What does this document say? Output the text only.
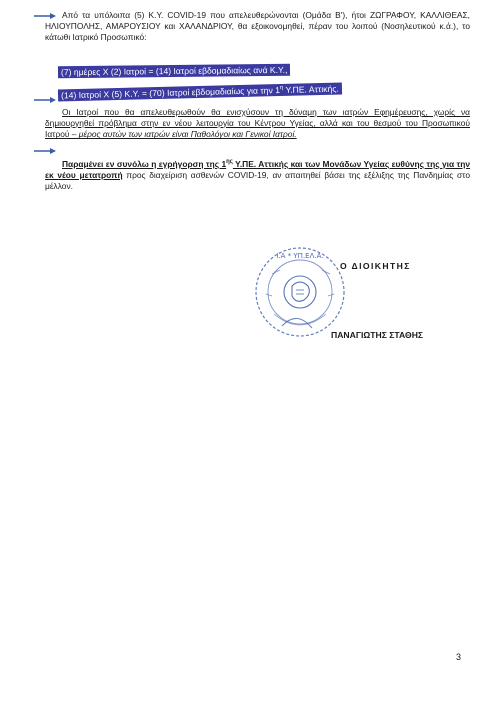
Από τα υπόλοιπα (5) Κ.Υ. COVID-19 που απελευθερώνονται (Ομάδα Β'), ήτοι ΖΩΓΡΑΦΟΥ, ΚΑΛΛΙΘΕΑΣ, ΗΛΙΟΥΠΟΛΗΣ, ΑΜΑΡΟΥΣΙΟΥ και ΧΑΛΑΝΔΡΙΟΥ, θα εξοικονομηθεί, πέραν του λοιπού (Νοσηλευτικού κ.ά.), το κάτωθι Ιατρικό Προσωπικό:

(7) ημέρες Χ (2) Ιατροί = (14) Ιατροί εβδομαδιαίως ανά Κ.Υ.,
(14) Ιατροί Χ (5) Κ.Υ. = (70) Ιατροί εβδομαδιαίως για την $1^\eta$ Υ.ΠΕ. Αττικής.

Οι Ιατροί που θα απελευθερωθούν θα ενισχύσουν τη δύναμη των ιατρών Εφημέρευσης, χωρίς να δημιουργηθεί πρόβλημα στην εν νέου λειτουργία του Κέντρου Υγείας, αλλά και του θεσμού του Προσωπικού Ιατρού – μέρος αυτών των ιατρών είναι Παθολόγοι και Γενικοί Ιατροί.

Παραμένει εν συνόλω η εγρήγορση της $1^{\eta\varsigma}$ Υ.ΠΕ. Αττικής και των Μονάδων Υγείας ευθύνης της για την εκ νέου μετατροπή προς διαχείριση ασθενών COVID-19, αν απαιτηθεί βάσει της εξέλιξης της Πανδημίας στο μέλλον.

Ι.Α * ΥΠ.ΕΛ.Α.
Ο ΔΙΟΙΚΗΤΗΣ
ΠΑΝΑΓΙΩΤΗΣ ΣΤΑΘΗΣ
3
